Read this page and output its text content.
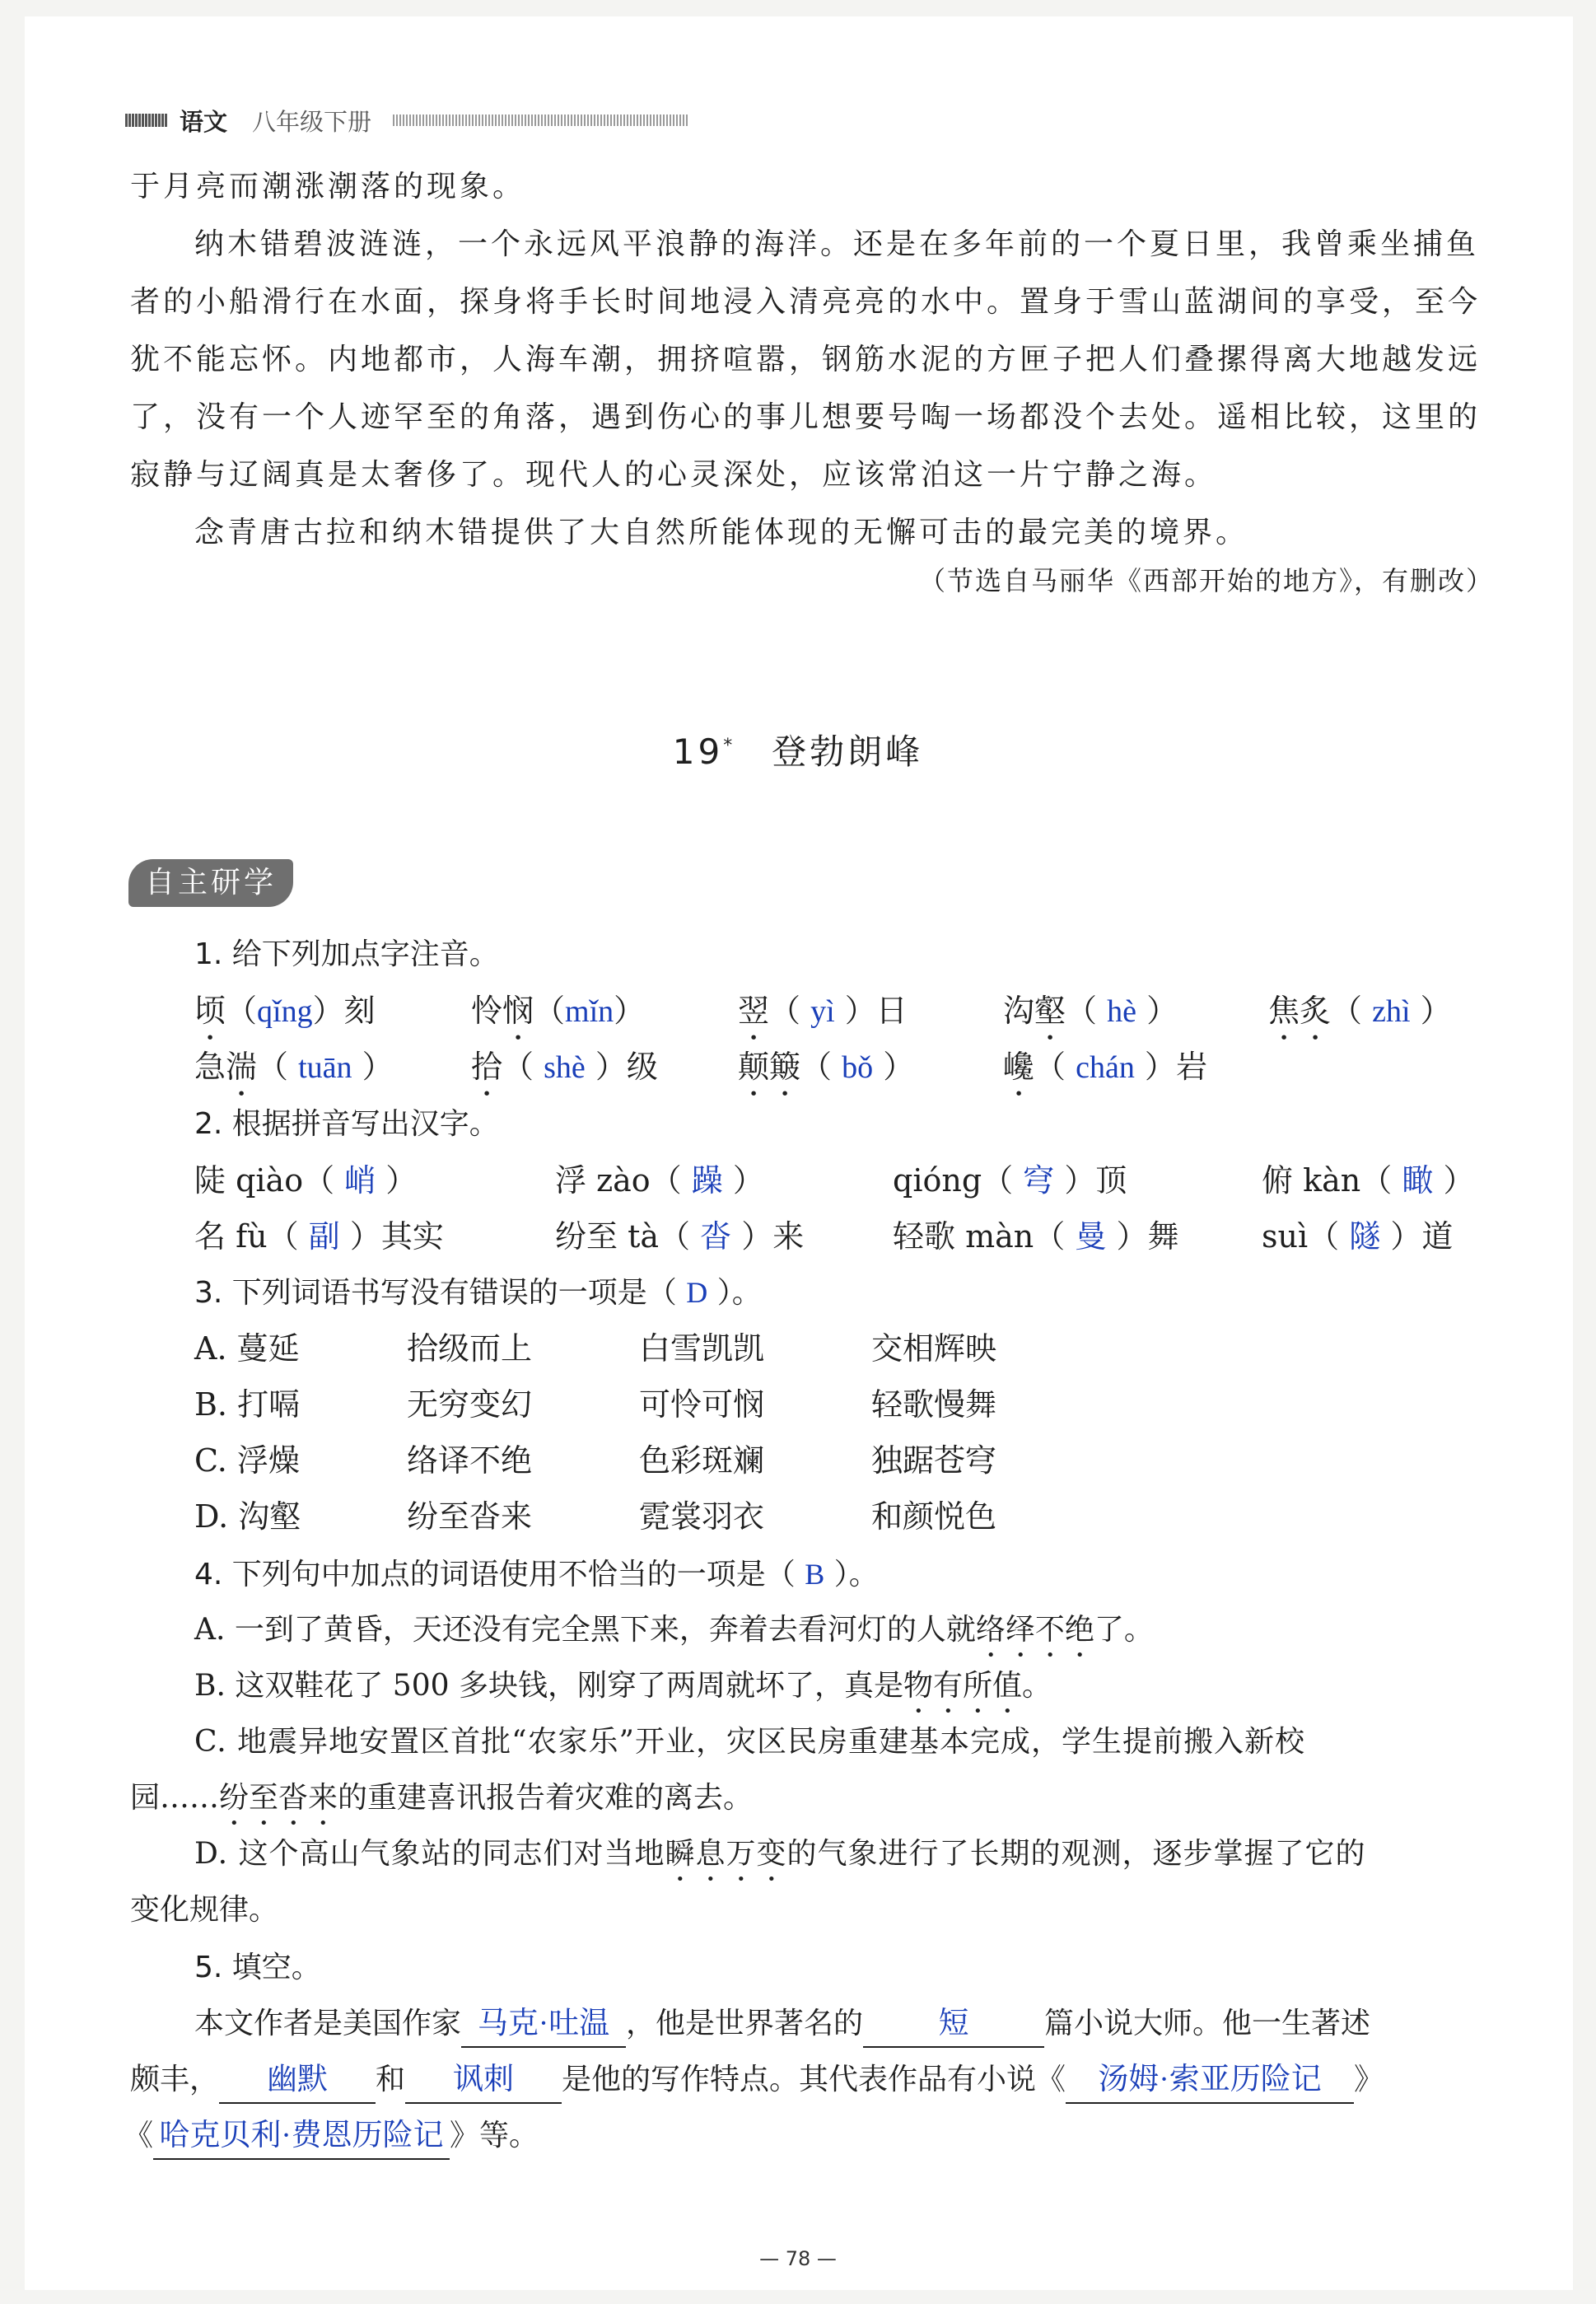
语文 八年级下册

于月亮而潮涨潮落的现象。

纳木错碧波涟涟，一个永远风平浪静的海洋。还是在多年前的一个夏日里，我曾乘坐捕鱼者的小船滑行在水面，探身将手长时间地浸入清亮亮的水中。置身于雪山蓝湖间的享受，至今犹不能忘怀。内地都市，人海车潮，拥挤喧嚣，钢筋水泥的方匣子把人们叠摞得离大地越发远了，没有一个人迹罕至的角落，遇到伤心的事儿想要号啕一场都没个去处。遥相比较，这里的寂静与辽阔真是太奢侈了。现代人的心灵深处，应该常泊这一片宁静之海。

念青唐古拉和纳木错提供了大自然所能体现的无懈可击的最完美的境界。

（节选自马丽华《西部开始的地方》，有删改）
19* 登勃朗峰
自主研学
1. 给下列加点字注音。
顷（qǐng）刻	怜悯（mǐn）	翌（ yì ）日	沟壑（ hè ）	焦炙（ zhì ）
急湍（ tuān ） 拾（ shè ）级	颠簸（ bǒ ）	巉（ chán ）岩
2. 根据拼音写出汉字。
陡 qiào（ 峭 ）	浮 zào（ 躁 ）	qióng（ 穹 ）顶	俯 kàn（ 瞰 ）
名 fù（ 副 ）其实	纷至 tà（ 沓 ）来	轻歌 màn（ 曼 ）舞	suì（ 隧 ）道
3. 下列词语书写没有错误的一项是（ D ）。
A. 蔓延	拾级而上	白雪凯凯	交相辉映
B. 打嗝	无穷变幻	可怜可悯	轻歌慢舞
C. 浮燥	络译不绝	色彩斑斓	独踞苍穹
D. 沟壑	纷至沓来	霓裳羽衣	和颜悦色
4. 下列句中加点的词语使用不恰当的一项是（ B ）。
A. 一到了黄昏，天还没有完全黑下来，奔着去看河灯的人就络绎不绝了。
B. 这双鞋花了 500 多块钱，刚穿了两周就坏了，真是物有所值。
C. 地震异地安置区首批“农家乐”开业，灾区民房重建基本完成，学生提前搬入新校
园……纷至沓来的重建喜讯报告着灾难的离去。
D. 这个高山气象站的同志们对当地瞬息万变的气象进行了长期的观测，逐步掌握了它的
变化规律。
5. 填空。
本文作者是美国作家 马克·吐温 ，他是世界著名的 短	篇小说大师。他一生著述
颇丰， 幽默 和 讽刺 是他的写作特点。其代表作品有小说《 汤姆·索亚历险记 》
《 哈克贝利·费恩历险记 》等。
— 78 —
